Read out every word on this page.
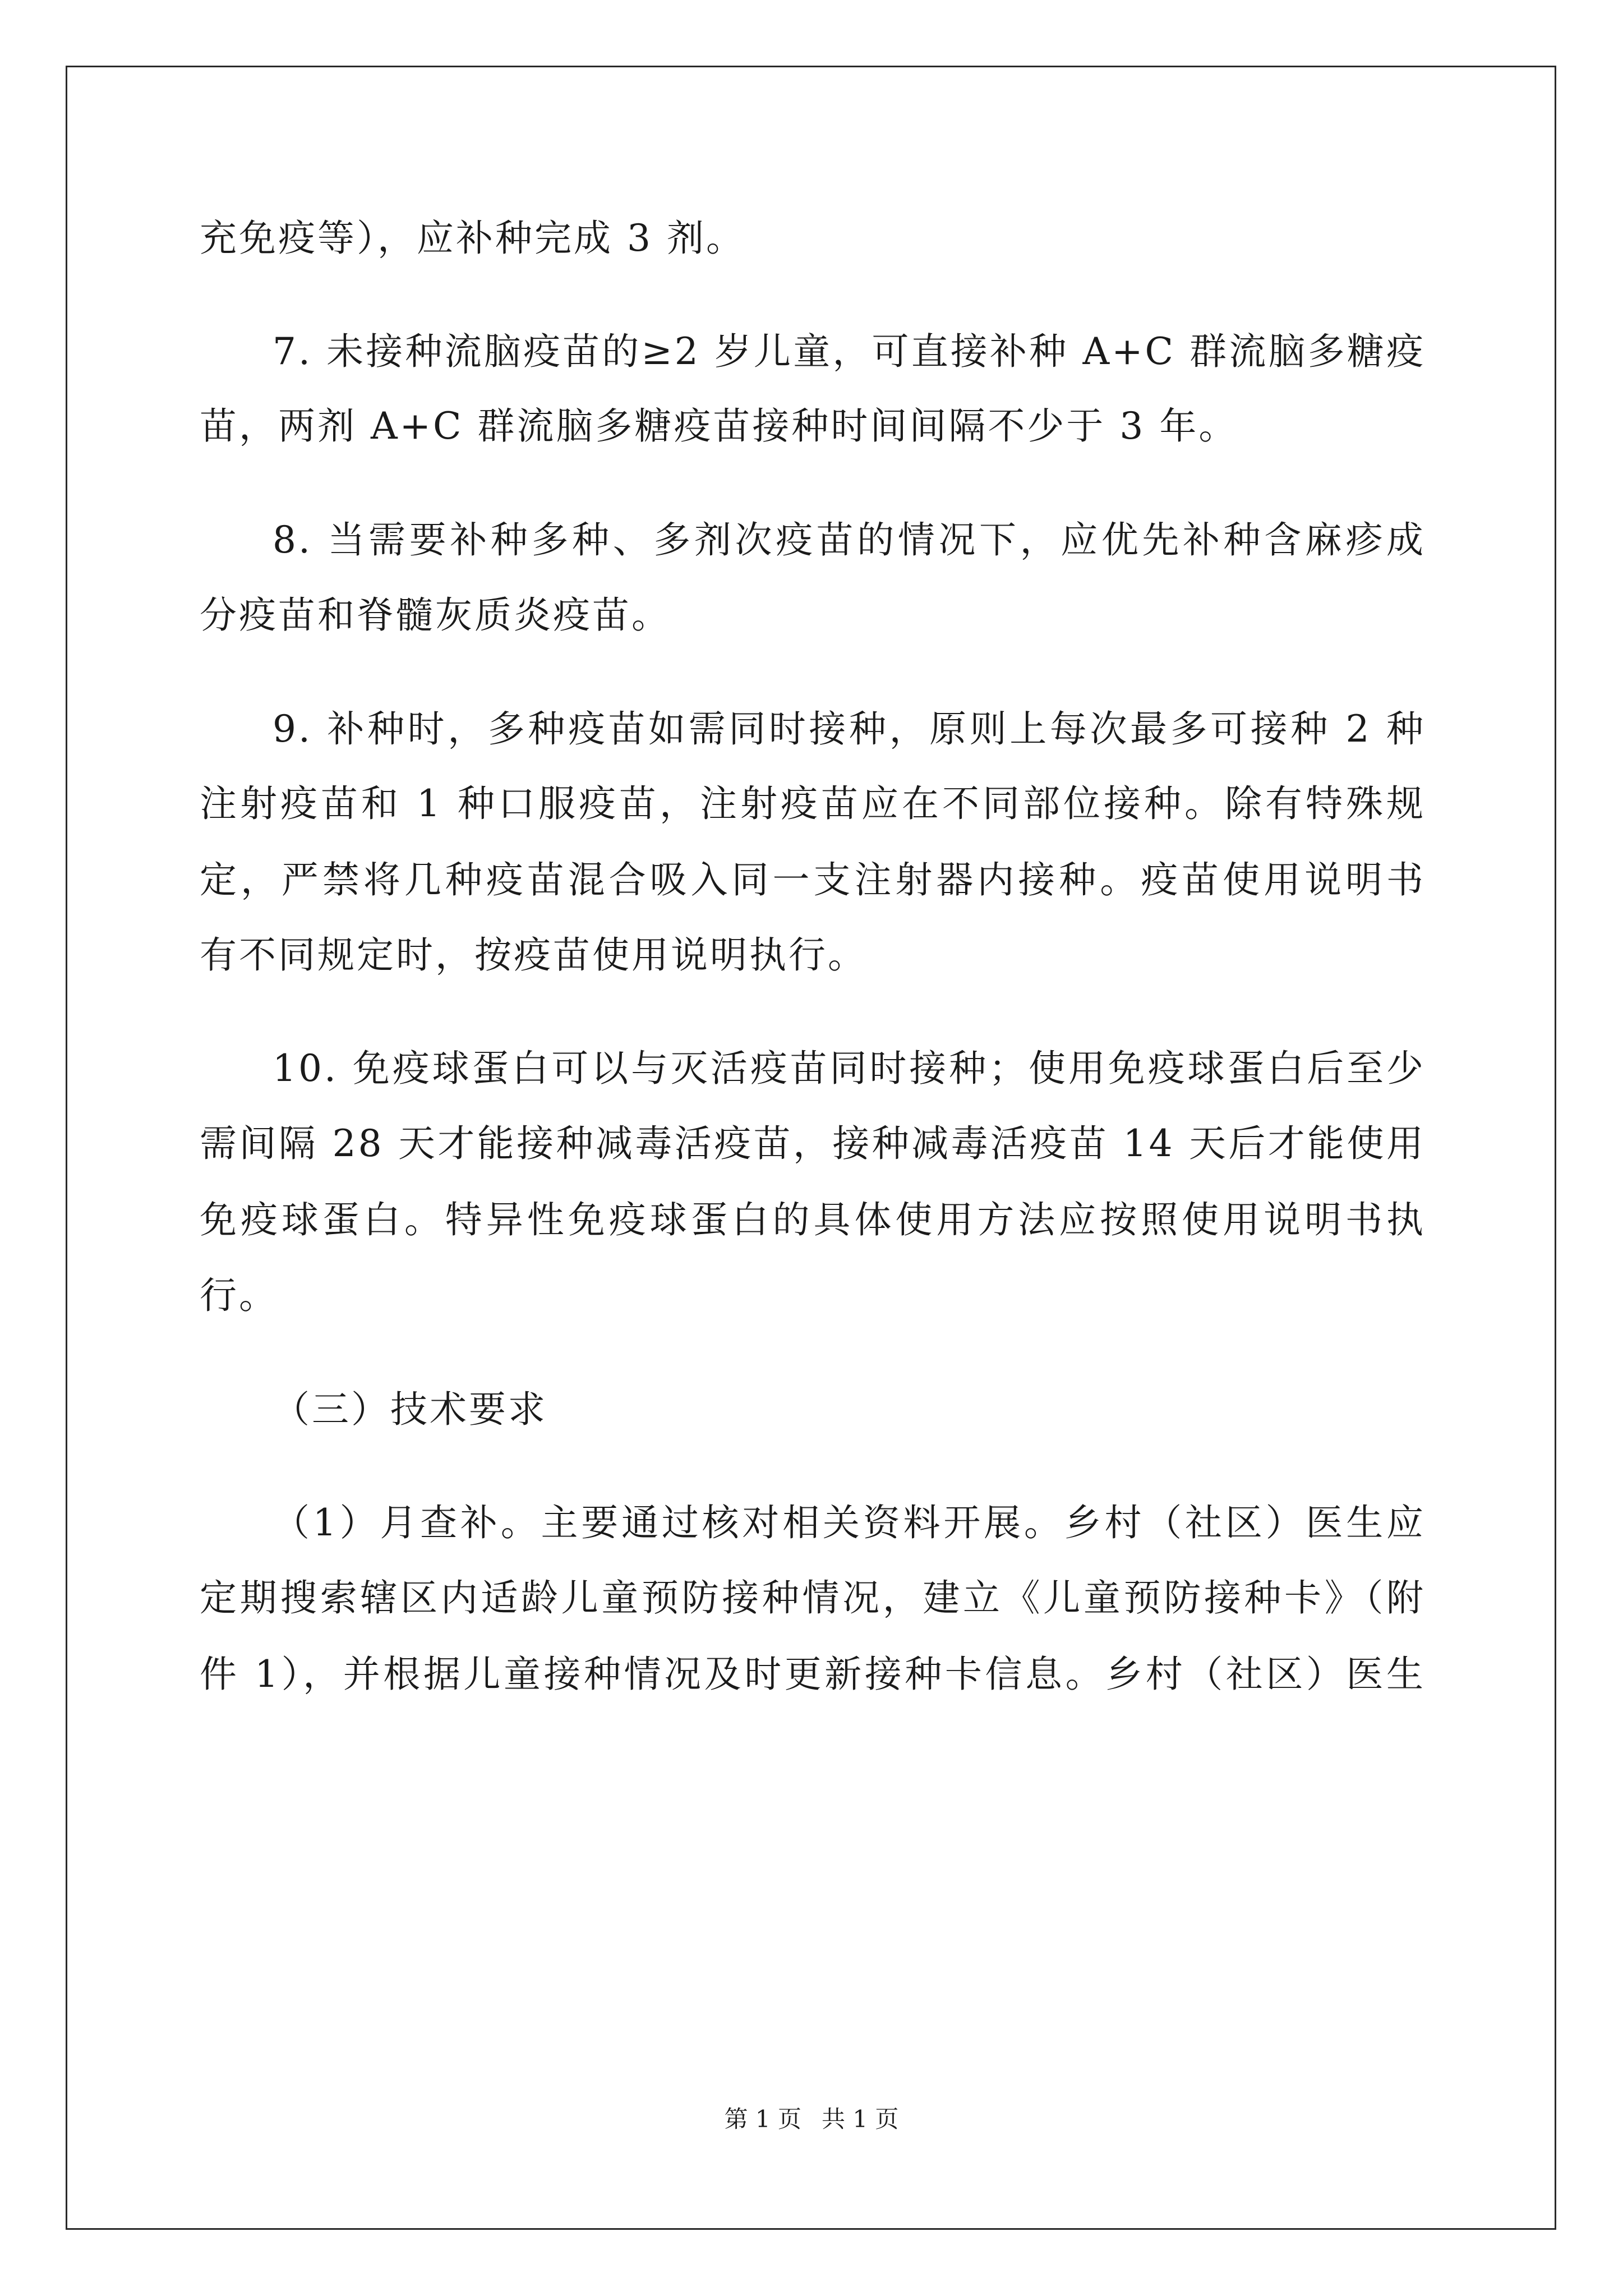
充免疫等），应补种完成 3 剂。
7. 未接种流脑疫苗的≥2 岁儿童，可直接补种 A+C 群流脑多糖疫
苗，两剂 A+C 群流脑多糖疫苗接种时间间隔不少于 3 年。
8. 当需要补种多种、多剂次疫苗的情况下，应优先补种含麻疹成
分疫苗和脊髓灰质炎疫苗。
9. 补种时，多种疫苗如需同时接种，原则上每次最多可接种 2 种
注射疫苗和 1 种口服疫苗，注射疫苗应在不同部位接种。除有特殊规
定，严禁将几种疫苗混合吸入同一支注射器内接种。疫苗使用说明书
有不同规定时，按疫苗使用说明执行。
10. 免疫球蛋白可以与灭活疫苗同时接种；使用免疫球蛋白后至少
需间隔 28 天才能接种减毒活疫苗，接种减毒活疫苗 14 天后才能使用
免疫球蛋白。特异性免疫球蛋白的具体使用方法应按照使用说明书执
行。
（三）技术要求
（1）月查补。主要通过核对相关资料开展。乡村（社区）医生应
定期搜索辖区内适龄儿童预防接种情况，建立《儿童预防接种卡》（附
件 1），并根据儿童接种情况及时更新接种卡信息。乡村（社区）医生
第 1 页 共 1 页
